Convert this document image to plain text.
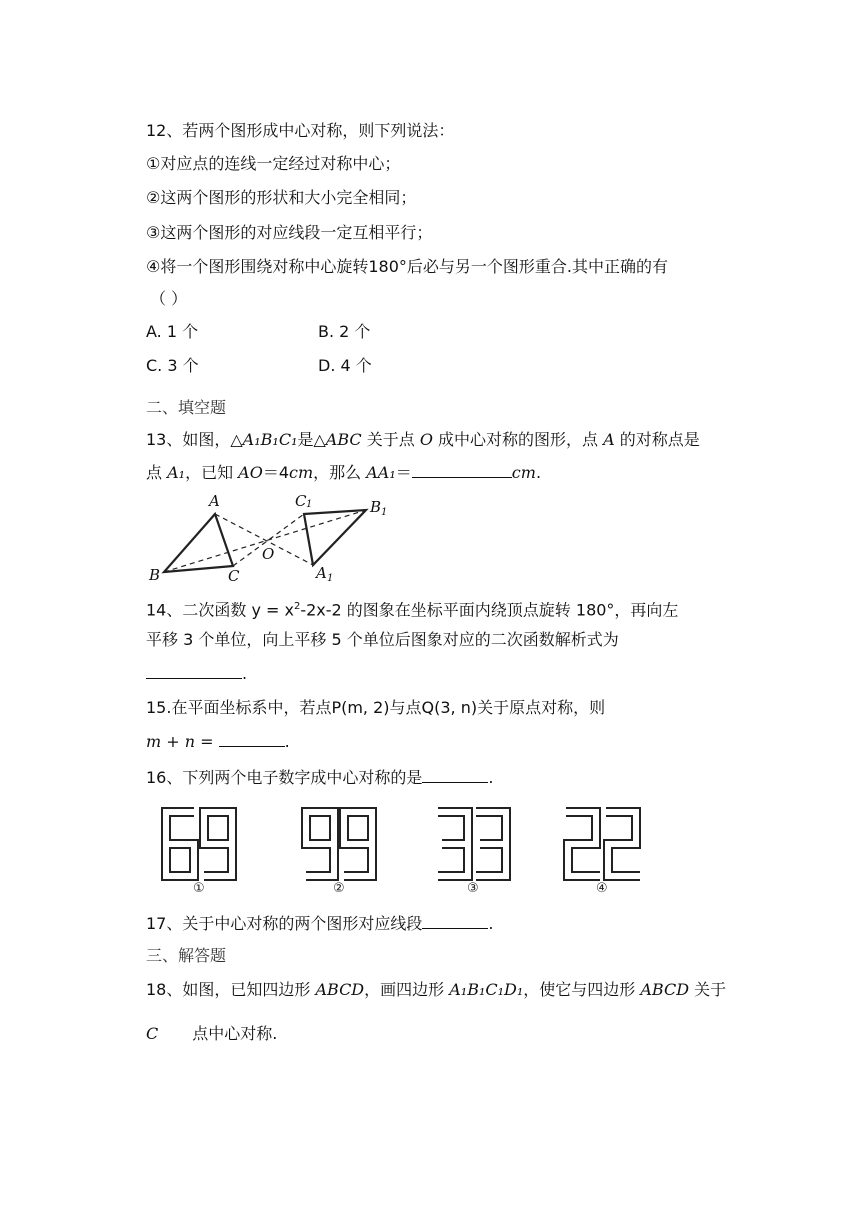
12、若两个图形成中心对称，则下列说法：
①对应点的连线一定经过对称中心；
②这两个图形的形状和大小完全相同；
③这两个图形的对应线段一定互相平行；
④将一个图形围绕对称中心旋转180°后必与另一个图形重合.其中正确的有
（ ）
A. 1 个	B. 2 个
C. 3 个	D. 4 个
二、填空题
13、如图，△A₁B₁C₁是△ABC 关于点 O 成中心对称的图形，点 A 的对称点是
点 A₁，已知 AO＝4cm，那么 AA₁＝	cm.
A
B	C
O
C 1	B 1
A 1
14、二次函数 $y = x^2-2x-2$ 的图象在坐标平面内绕顶点旋转 180°，再向左
平移 3 个单位，向上平移 5 个单位后图象对应的二次函数解析式为
.
15.在平面坐标系中，若点P(m, 2)与点Q(3, n)关于原点对称，则
m + n =	.
16、下列两个电子数字成中心对称的是	.
①	②	③	④
17、关于中心对称的两个图形对应线段	.
三、解答题
18、如图，已知四边形 ABCD，画四边形 A₁B₁C₁D₁，使它与四边形 ABCD 关于
C 点中心对称.
